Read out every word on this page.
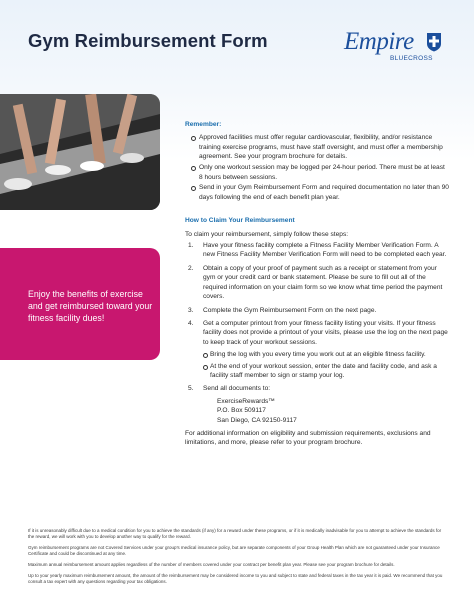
Gym Reimbursement Form	Empire
BLUECROSS
Enjoy the benefits of exercise and get reimbursed toward your fitness facility dues!
Remember:
Approved facilities must offer regular cardiovascular, flexibility, and/or resistance training exercise programs, must have staff oversight, and must offer a membership agreement. See your program brochure for details.
Only one workout session may be logged per 24-hour period. There must be at least 8 hours between sessions.
Send in your Gym Reimbursement Form and required documentation no later than 90 days following the end of each benefit plan year.
How to Claim Your Reimbursement

To claim your reimbursement, simply follow these steps:

1. Have your fitness facility complete a Fitness Facility Member Verification Form. A new Fitness Facility Member Verification Form will need to be completed each year.
2. Obtain a copy of your proof of payment such as a receipt or statement from your gym or your credit card or bank statement. Please be sure to fill out all of the required information on your claim form so we know what time period the payment covers.
3. Complete the Gym Reimbursement Form on the next page.
4. Get a computer printout from your fitness facility listing your visits. If your fitness facility does not provide a printout of your visits, please use the log on the next page to keep track of your workout sessions.
Bring the log with you every time you work out at an eligible fitness facility.
At the end of your workout session, enter the date and facility code, and ask a facility staff member to sign or stamp your log.
5. Send all documents to:
ExerciseRewards™
P.O. Box 509117
San Diego, CA 92150-9117

For additional information on eligibility and submission requirements, exclusions and limitations, and more, please refer to your program brochure.

If it is unreasonably difficult due to a medical condition for you to achieve the standards (if any) for a reward under these programs, or if it is medically inadvisable for you to attempt to achieve the standards for the reward, we will work with you to develop another way to qualify for the reward.

Gym reimbursement programs are not Covered Services under your group's medical insurance policy, but are separate components of your Group Health Plan which are not guaranteed under your Insurance Certificate and could be discontinued at any time.

Maximum annual reimbursement amount applies regardless of the number of members covered under your contract per benefit plan year. Please see your program brochure for details.

Up to your yearly maximum reimbursement amount, the amount of the reimbursement may be considered income to you and subject to state and federal taxes in the tax year it is paid. We recommend that you consult a tax expert with any questions regarding your tax obligations.
